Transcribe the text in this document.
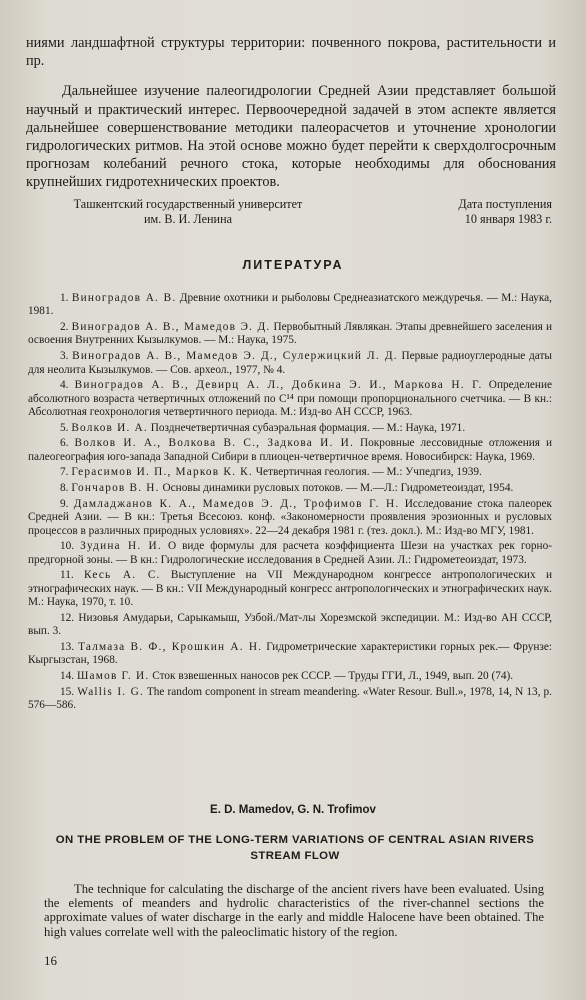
ниями ландшафтной структуры территории: почвенного покрова, растительности и пр.

Дальнейшее изучение палеогидрологии Средней Азии представляет большой научный и практический интерес. Первоочередной задачей в этом аспекте является дальнейшее совершенствование методики палеорасчетов и уточнение хронологии гидрологических ритмов. На этой основе можно будет перейти к сверхдолгосрочным прогнозам колебаний речного стока, которые необходимы для обоснования крупнейших гидротехнических проектов.

Ташкентский государственный университет
им. В. И. Ленина
Дата поступления
10 января 1983 г.
ЛИТЕРАТУРА

1. Виноградов А. В. Древние охотники и рыболовы Среднеазиатского междуречья. — М.: Наука, 1981.

2. Виноградов А. В., Мамедов Э. Д. Первобытный Лявлякан. Этапы древнейшего заселения и освоения Внутренних Кызылкумов. — М.: Наука, 1975.

3. Виноградов А. В., Мамедов Э. Д., Сулержицкий Л. Д. Первые радиоуглеродные даты для неолита Кызылкумов. — Сов. археол., 1977, № 4.

4. Виноградов А. В., Девирц А. Л., Добкина Э. И., Маркова Н. Г. Определение абсолютного возраста четвертичных отложений по C¹⁴ при помощи пропорционального счетчика. — В кн.: Абсолютная геохронология четвертичного периода. М.: Изд-во АН СССР, 1963.

5. Волков И. А. Позднечетвертичная субаэральная формация. — М.: Наука, 1971.

6. Волков И. А., Волкова В. С., Задкова И. И. Покровные лессовидные отложения и палеогеография юго-запада Западной Сибири в плиоцен-четвертичное время. Новосибирск: Наука, 1969.

7. Герасимов И. П., Марков К. К. Четвертичная геология. — М.: Учпедгиз, 1939.

8. Гончаров В. Н. Основы динамики русловых потоков. — М.—Л.: Гидрометеоиздат, 1954.

9. Дамладжанов К. А., Мамедов Э. Д., Трофимов Г. Н. Исследование стока палеорек Средней Азии. — В кн.: Третья Всесоюз. конф. «Закономерности проявления эрозионных и русловых процессов в различных природных условиях». 22—24 декабря 1981 г. (тез. докл.). М.: Изд-во МГУ, 1981.

10. Зудина Н. И. О виде формулы для расчета коэффициента Шези на участках рек горно-предгорной зоны. — В кн.: Гидрологические исследования в Средней Азии. Л.: Гидрометеоиздат, 1973.

11. Кесь А. С. Выступление на VII Международном конгрессе антропологических и этнографических наук. — В кн.: VII Международный конгресс антропологических и этнографических наук. М.: Наука, 1970, т. 10.

12. Низовья Амударьи, Сарыкамыш, Узбой./Мат-лы Хорезмской экспедиции. М.: Изд-во АН СССР, вып. 3.

13. Талмаза В. Ф., Крошкин А. Н. Гидрометрические характеристики горных рек.— Фрунзе: Кыргызстан, 1968.

14. Шамов Г. И. Сток взвешенных наносов рек СССР. — Труды ГГИ, Л., 1949, вып. 20 (74).

15. Wallis I. G. The random component in stream meandering. «Water Resour. Bull.», 1978, 14, N 13, p. 576—586.

E. D. Mamedov, G. N. Trofimov
ON THE PROBLEM OF THE LONG-TERM VARIATIONS OF CENTRAL ASIAN RIVERS STREAM FLOW

The technique for calculating the discharge of the ancient rivers have been evaluated. Using the elements of meanders and hydrolic characteristics of the river-channel sections the approximate values of water discharge in the early and middle Halocene have been obtained. The high values correlate well with the paleoclimatic history of the region.

16
